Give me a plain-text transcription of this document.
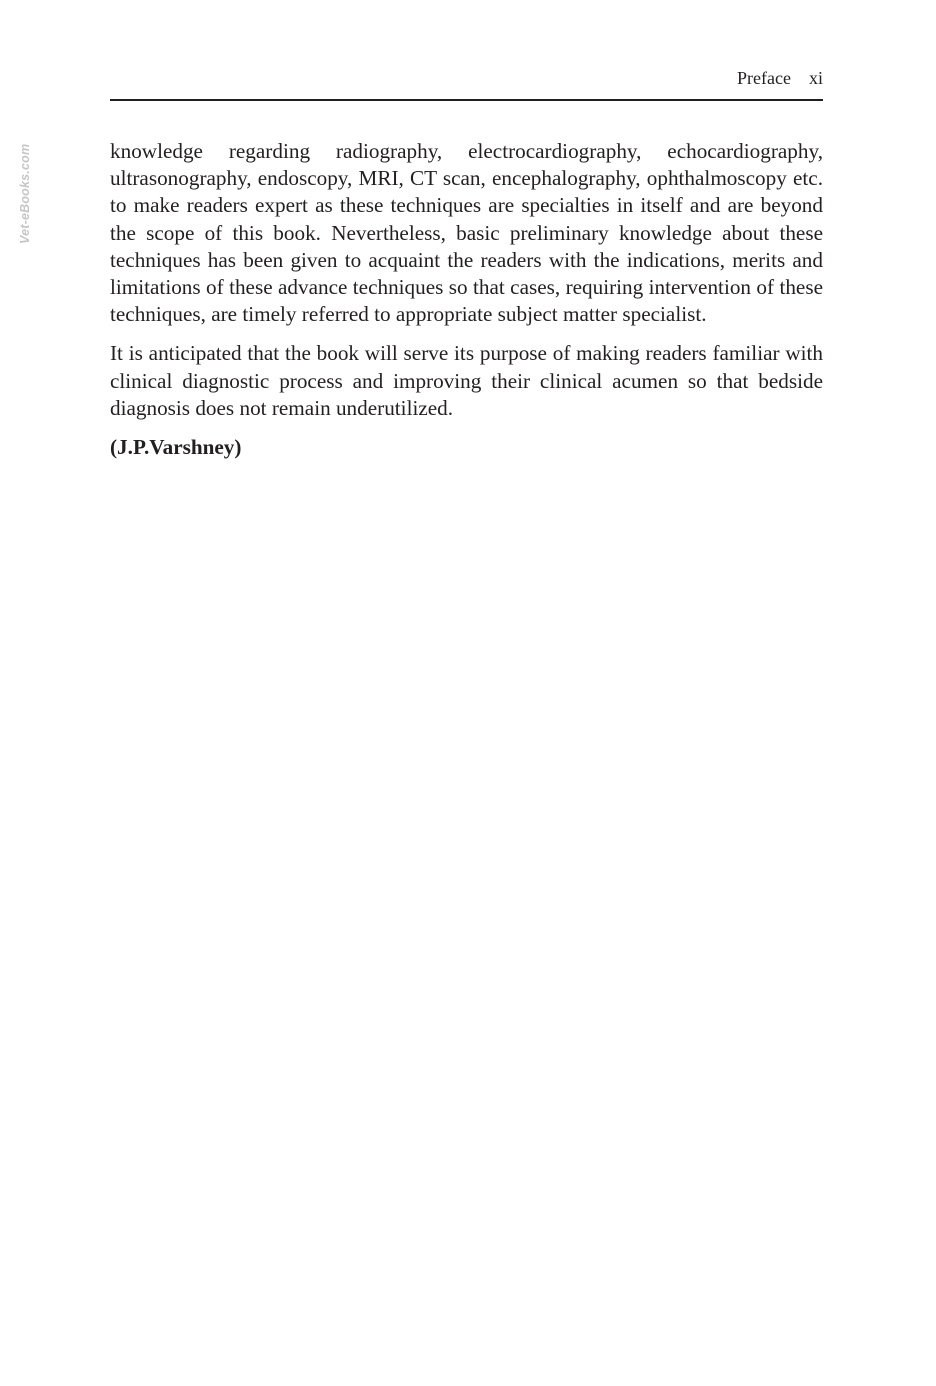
Preface xi
Vet-eBooks.com	knowledge regarding radiography, electrocardiography, echocardiography, ultrasonography, endoscopy, MRI, CT scan, encephalography, ophthalmoscopy etc. to make readers expert as these techniques are specialties in itself and are beyond the scope of this book. Nevertheless, basic preliminary knowledge about these techniques has been given to acquaint the readers with the indications, merits and limitations of these advance techniques so that cases, requiring intervention of these techniques, are timely referred to appropriate subject matter specialist.

It is anticipated that the book will serve its purpose of making readers familiar with clinical diagnostic process and improving their clinical acumen so that bedside diagnosis does not remain underutilized.

(J.P.Varshney)
